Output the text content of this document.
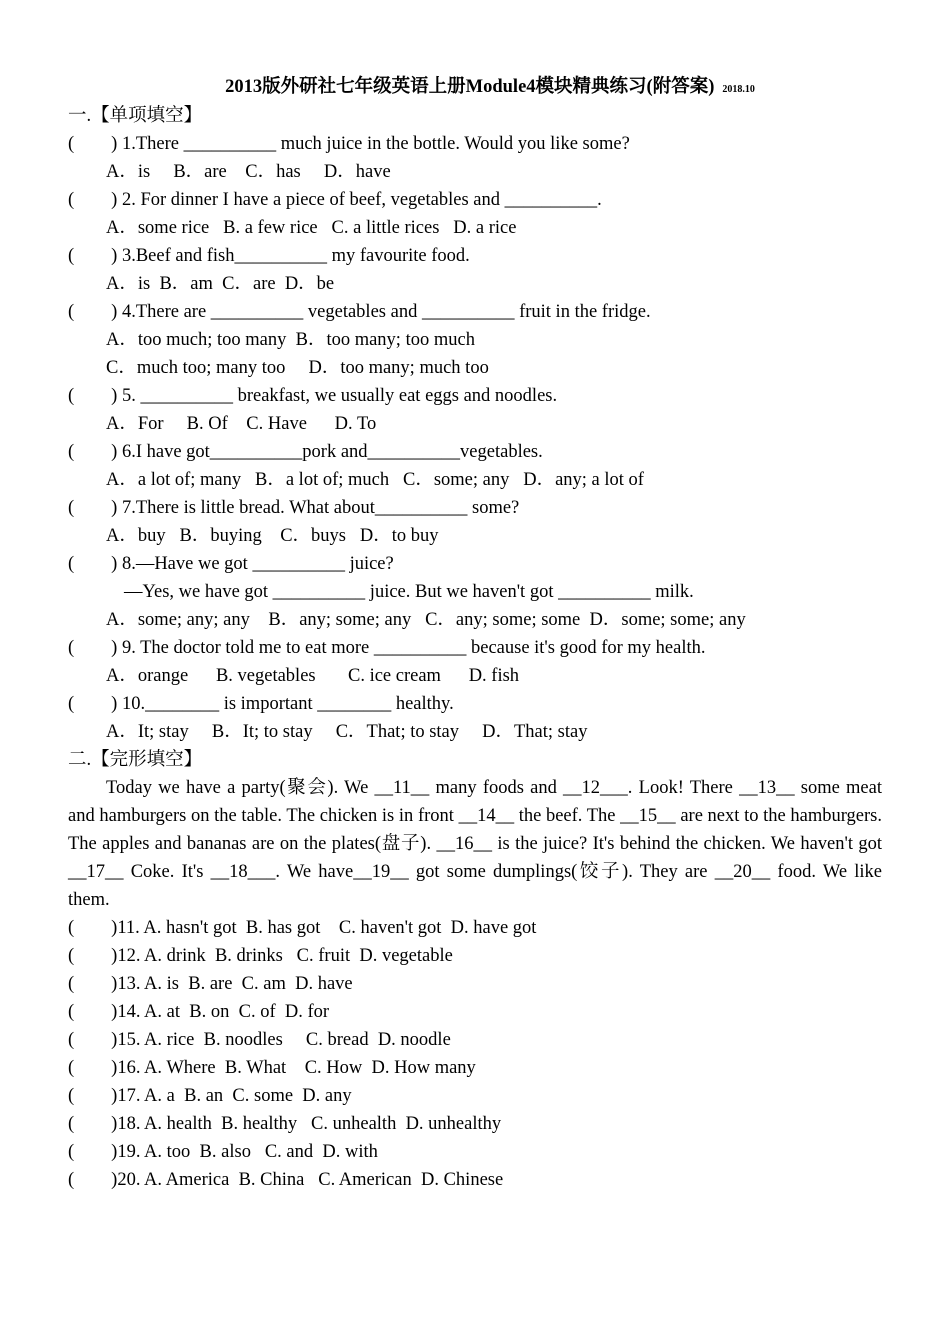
2013版外研社七年级英语上册Module4模块精典练习(附答案) 2018.10
一.【单项填空】
(        ) 1.There __________ much juice in the bottle. Would you like some?
A．is     B．are    C．has     D．have
(        ) 2. For dinner I have a piece of beef, vegetables and __________.
A．some rice   B. a few rice   C. a little rices   D. a rice
(        ) 3.Beef and fish__________ my favourite food.
A．is  B．am  C．are  D．be
(        ) 4.There are __________ vegetables and __________ fruit in the fridge.
A．too much; too many  B．too many; too much
C．much too; many too     D．too many; much too
(        ) 5. __________ breakfast, we usually eat eggs and noodles.
A．For     B. Of    C. Have      D. To
(        ) 6.I have got__________pork and__________vegetables.
A．a lot of; many   B．a lot of; much   C．some; any   D．any; a lot of
(        ) 7.There is little bread. What about__________ some?
A．buy   B．buying    C．buys   D．to buy
(        ) 8.—Have we got __________ juice?
—Yes, we have got __________ juice. But we haven't got __________ milk.
A．some; any; any    B．any; some; any   C．any; some; some  D．some; some; any
(        ) 9. The doctor told me to eat more __________ because it's good for my health.
A．orange      B. vegetables       C. ice cream      D. fish
(        ) 10.________ is important ________ healthy.
A．It; stay     B．It; to stay     C．That; to stay     D．That; stay
二.【完形填空】
Today we have a party(聚会). We __11__ many foods and __12___. Look! There __13__ some meat and hamburgers on the table. The chicken is in front __14__ the beef. The __15__ are next to the hamburgers. The apples and bananas are on the plates(盘子). __16__ is the juice? It's behind the chicken. We haven't got __17__ Coke. It's __18___. We have__19__ got some dumplings(饺子). They are __20__ food. We like them.
(        )11. A. hasn't got  B. has got    C. haven't got  D. have got
(        )12. A. drink  B. drinks   C. fruit  D. vegetable
(        )13. A. is  B. are  C. am  D. have
(        )14. A. at  B. on  C. of  D. for
(        )15. A. rice  B. noodles     C. bread  D. noodle
(        )16. A. Where  B. What    C. How  D. How many
(        )17. A. a  B. an  C. some  D. any
(        )18. A. health  B. healthy   C. unhealth  D. unhealthy
(        )19. A. too  B. also   C. and  D. with
(        )20. A. America  B. China   C. American  D. Chinese
